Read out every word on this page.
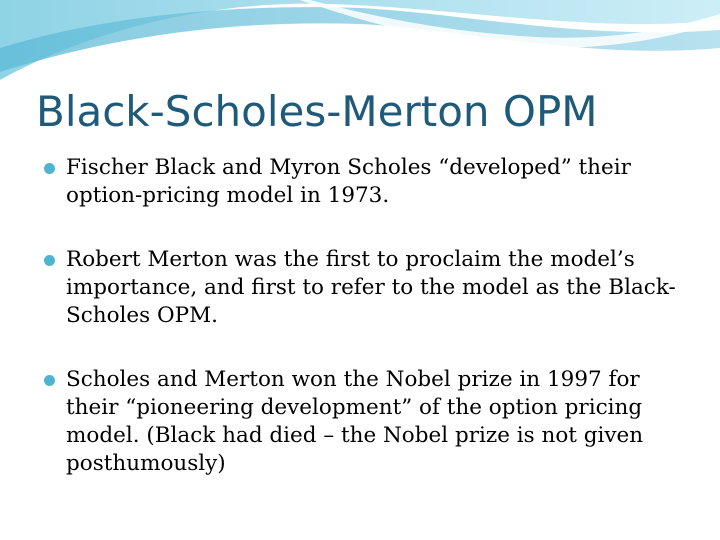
Black-Scholes-Merton OPM
Fischer Black and Myron Scholes “developed” their option-pricing model in 1973.
Robert Merton was the first to proclaim the model’s importance, and first to refer to the model as the Black-Scholes OPM.
Scholes and Merton won the Nobel prize in 1997 for their “pioneering development” of the option pricing model. (Black had died – the Nobel prize is not given posthumously)
